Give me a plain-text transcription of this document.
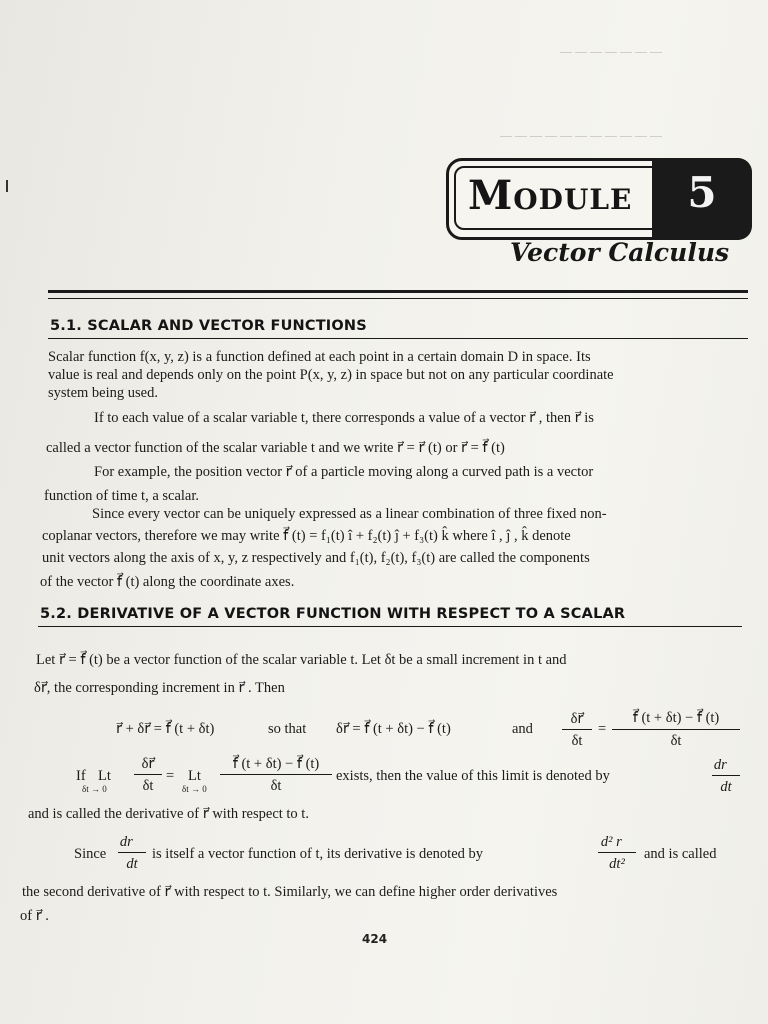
— — — — — — —
— — — — — — — — — — —
MODULE	5
Vector Calculus
5.1. SCALAR AND VECTOR FUNCTIONS
Scalar function f(x, y, z) is a function defined at each point in a certain domain D in space. Its
value is real and depends only on the point P(x, y, z) in space but not on any particular coordinate
system being used.
If to each value of a scalar variable t, there corresponds a value of a vector r⃗ , then r⃗ is
called a vector function of the scalar variable t and we write r⃗ = r⃗ (t) or r⃗ = f⃗ (t)
For example, the position vector r⃗ of a particle moving along a curved path is a vector
function of time t, a scalar.
Since every vector can be uniquely expressed as a linear combination of three fixed non-
coplanar vectors, therefore we may write f⃗ (t) = f₁(t) î + f₂(t) ĵ + f₃(t) k̂ where î , ĵ , k̂ denote
unit vectors along the axis of x, y, z respectively and f₁(t), f₂(t), f₃(t) are called the components
of the vector f⃗ (t) along the coordinate axes.
5.2. DERIVATIVE OF A VECTOR FUNCTION WITH RESPECT TO A SCALAR
Let r⃗ = f⃗ (t) be a vector function of the scalar variable t. Let δt be a small increment in t and
δr⃗, the corresponding increment in r⃗ . Then
r⃗ + δr⃗ = f⃗ (t + δt)	so that δr⃗ = f⃗ (t + δt) − f⃗ (t)	and
δr⃗
δt
=
f⃗ (t + δt) − f⃗ (t)
δt
If Lt
δt → 0
δr⃗
δt
= Lt
δt → 0
f⃗ (t + δt) − f⃗ (t)
δt
exists, then the value of this limit is denoted by
dr⃗
dt
and is called the derivative of r⃗ with respect to t.
Since
dr⃗
dt
is itself a vector function of t, its derivative is denoted by
d² r⃗
dt²
and is called
the second derivative of r⃗ with respect to t. Similarly, we can define higher order derivatives
of r⃗ .
424
